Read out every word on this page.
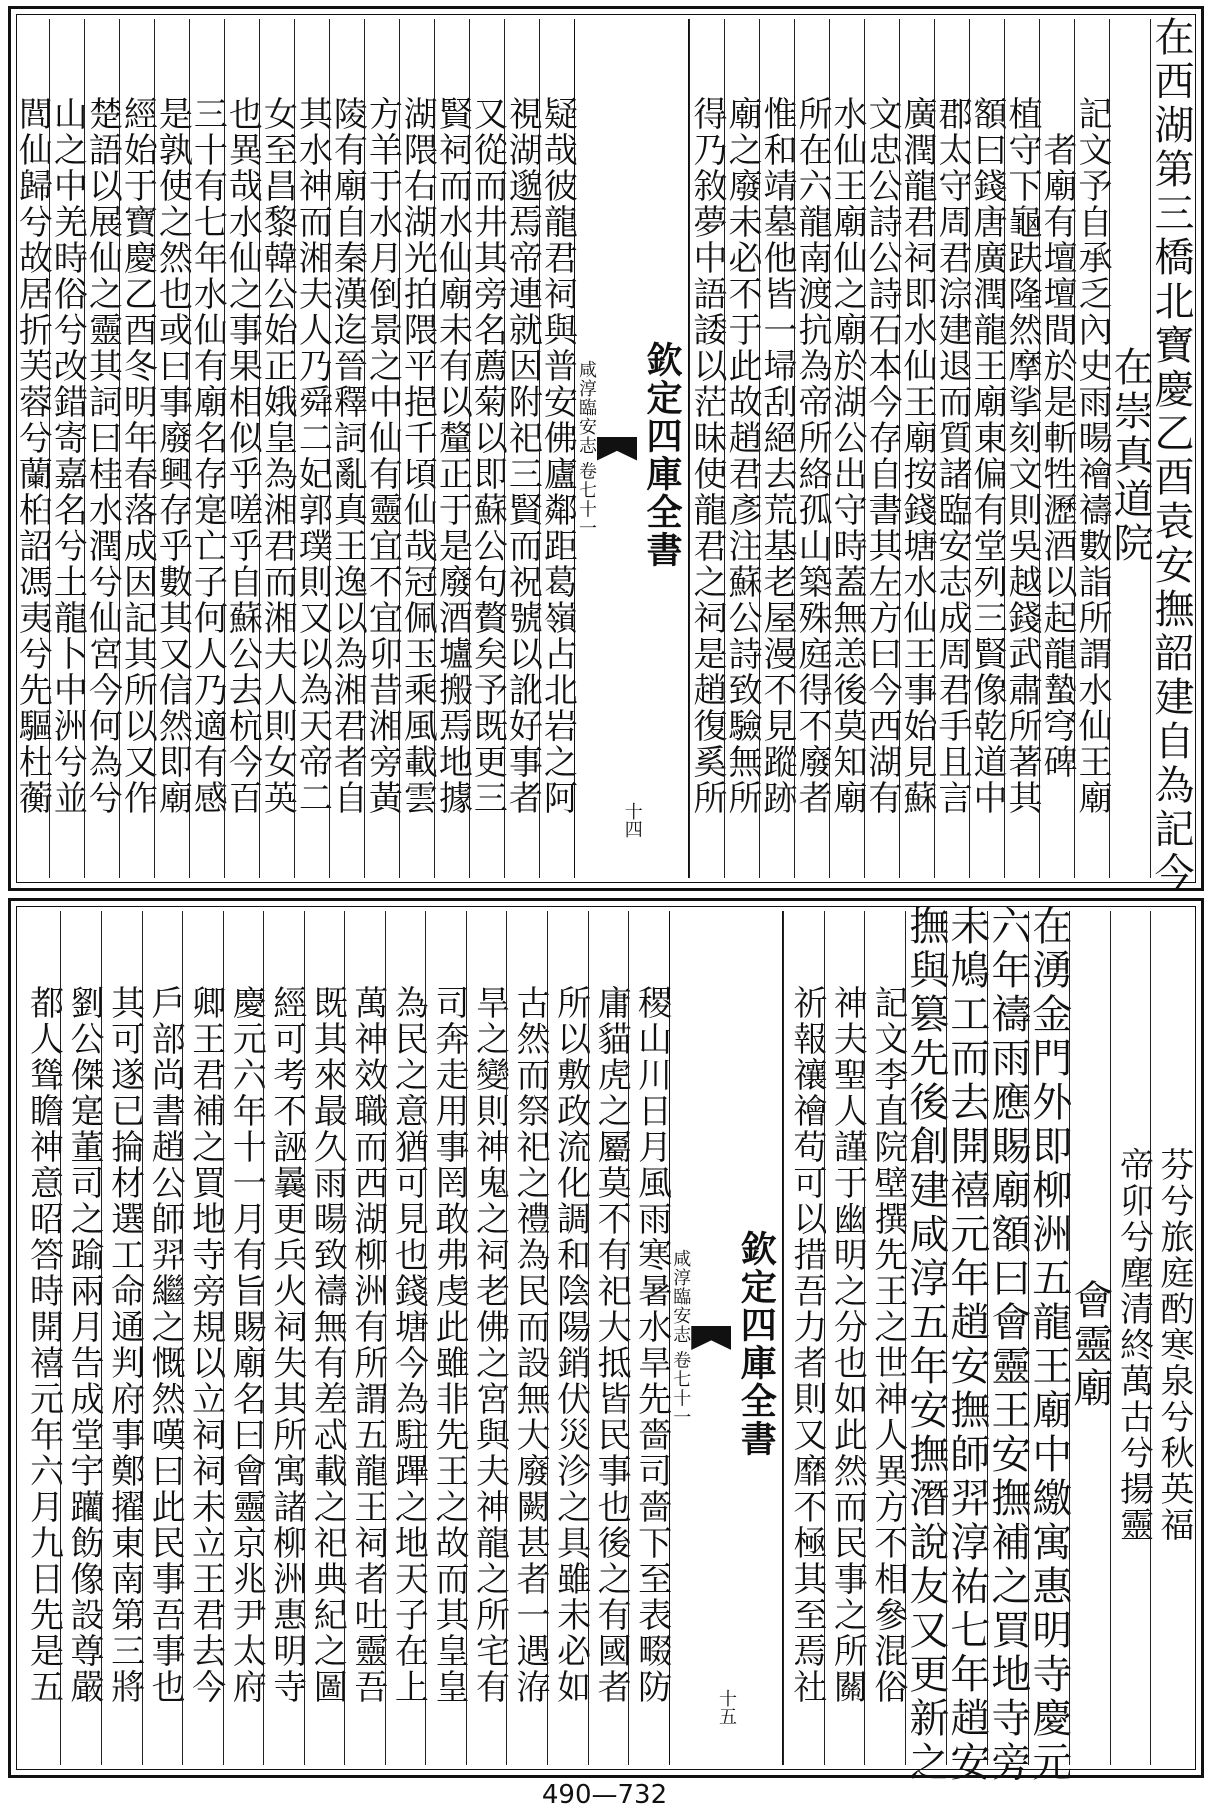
在西湖第三橋北寶慶乙酉袁安撫韶建自為記今
在崇真道院
記文予自承乏內史雨暘禬禱數詣所謂水仙王廟
者廟有壇壇間於是斬牲瀝酒以起龍蟄穹碑
植守下龜趺隆然摩挲刻文則吳越錢武肅所著其
額曰錢唐廣潤龍王廟東偏有堂列三賢像乾道中
郡太守周君淙建退而質諸臨安志成周君手且言
廣潤龍君祠即水仙王廟按錢塘水仙王事始見蘇
文忠公詩公詩石本今存自書其左方曰今西湖有
水仙王廟仙之廟於湖公出守時蓋無恙後莫知廟
所在六龍南渡抗為帝所絡孤山築殊庭得不廢者
惟和靖墓他皆一埽刮絕去荒基老屋漫不見蹤跡
廟之廢未必不于此故趙君彥注蘇公詩致驗無所
得乃敘夢中語諉以茫昧使龍君之祠是趙復奚所
欽定四庫全書
咸淳臨安志 卷七十一
十四
疑哉彼龍君祠與普安佛廬鄰距葛嶺占北岩之阿
視湖邈焉帝連就因附祀三賢而祝號以訛好事者
又從而井其旁名薦菊以即蘇公句贅矣予既更三
賢祠而水仙廟未有以釐正于是廢酒壚搬焉地據
湖隈右湖光拍隈平挹千頃仙哉冠佩玉乘風載雲
方羊于水月倒景之中仙有靈宜不宜卯昔湘旁黃
陵有廟自秦漢迄晉釋詞亂真王逸以為湘君者自
其水神而湘夫人乃舜二妃郭璞則又以為天帝二
女至昌黎韓公始正娥皇為湘君而湘夫人則女英
也異哉水仙之事果相似乎嗟乎自蘇公去杭今百
三十有七年水仙有廟名存寔亡子何人乃適有感
是孰使之然也或曰事廢興存乎數其又信然即廟
經始于寶慶乙酉冬明年春落成因記其所以又作
楚語以展仙之靈其詞曰桂水潤兮仙宮今何為兮
山之中羌時俗兮改錯寄嘉名兮土龍卜中洲兮並
閭仙歸兮故居折芙蓉兮蘭桕詔馮夷兮先驅杜蘅
芬兮旅庭酌寒泉兮秋英福
帝卯兮塵清終萬古兮揚靈
會靈廟
在湧金門外即柳洲五龍王廟中繳寓惠明寺慶元
六年禱雨應賜廟額曰會靈王安撫補之買地寺旁
未鳩工而去開禧元年趙安撫師羿淳祐七年趙安
撫與篡先後創建咸淳五年安撫潛說友又更新之
記文李直院壁撰先王之世神人異方不相參混俗
神夫聖人謹于幽明之分也如此然而民事之所關
祈報禳禬苟可以措吾力者則又靡不極其至焉社
欽定四庫全書
咸淳臨安志 卷七十一
十五
稷山川日月風雨寒暑水旱先嗇司嗇下至表畷防
庸貓虎之屬莫不有祀大抵皆民事也後之有國者
所以敷政流化調和陰陽銷伏災沴之具雖未必如
古然而祭祀之禮為民而設無大廢闕甚者一遇洊
旱之變則神鬼之祠老佛之宮與夫神龍之所宅有
司奔走用事罔敢弗虔此雖非先王之故而其皇皇
為民之意猶可見也錢塘今為駐蹕之地天子在上
萬神效職而西湖柳洲有所謂五龍王祠者吐靈吾
既其來最久雨暘致禱無有差忒載之祀典紀之圖
經可考不誣曩更兵火祠失其所寓諸柳洲惠明寺
慶元六年十一月有旨賜廟名曰會靈京兆尹太府
卿王君補之買地寺旁規以立祠祠未立王君去今
戶部尚書趙公師羿繼之慨然嘆曰此民事吾事也
其可遂已掄材選工命通判府事鄭擢東南第三將
劉公傑寔董司之踰兩月告成堂宇躪飭像設尊嚴
都人聳瞻神意昭答時開禧元年六月九日先是五
490—732
